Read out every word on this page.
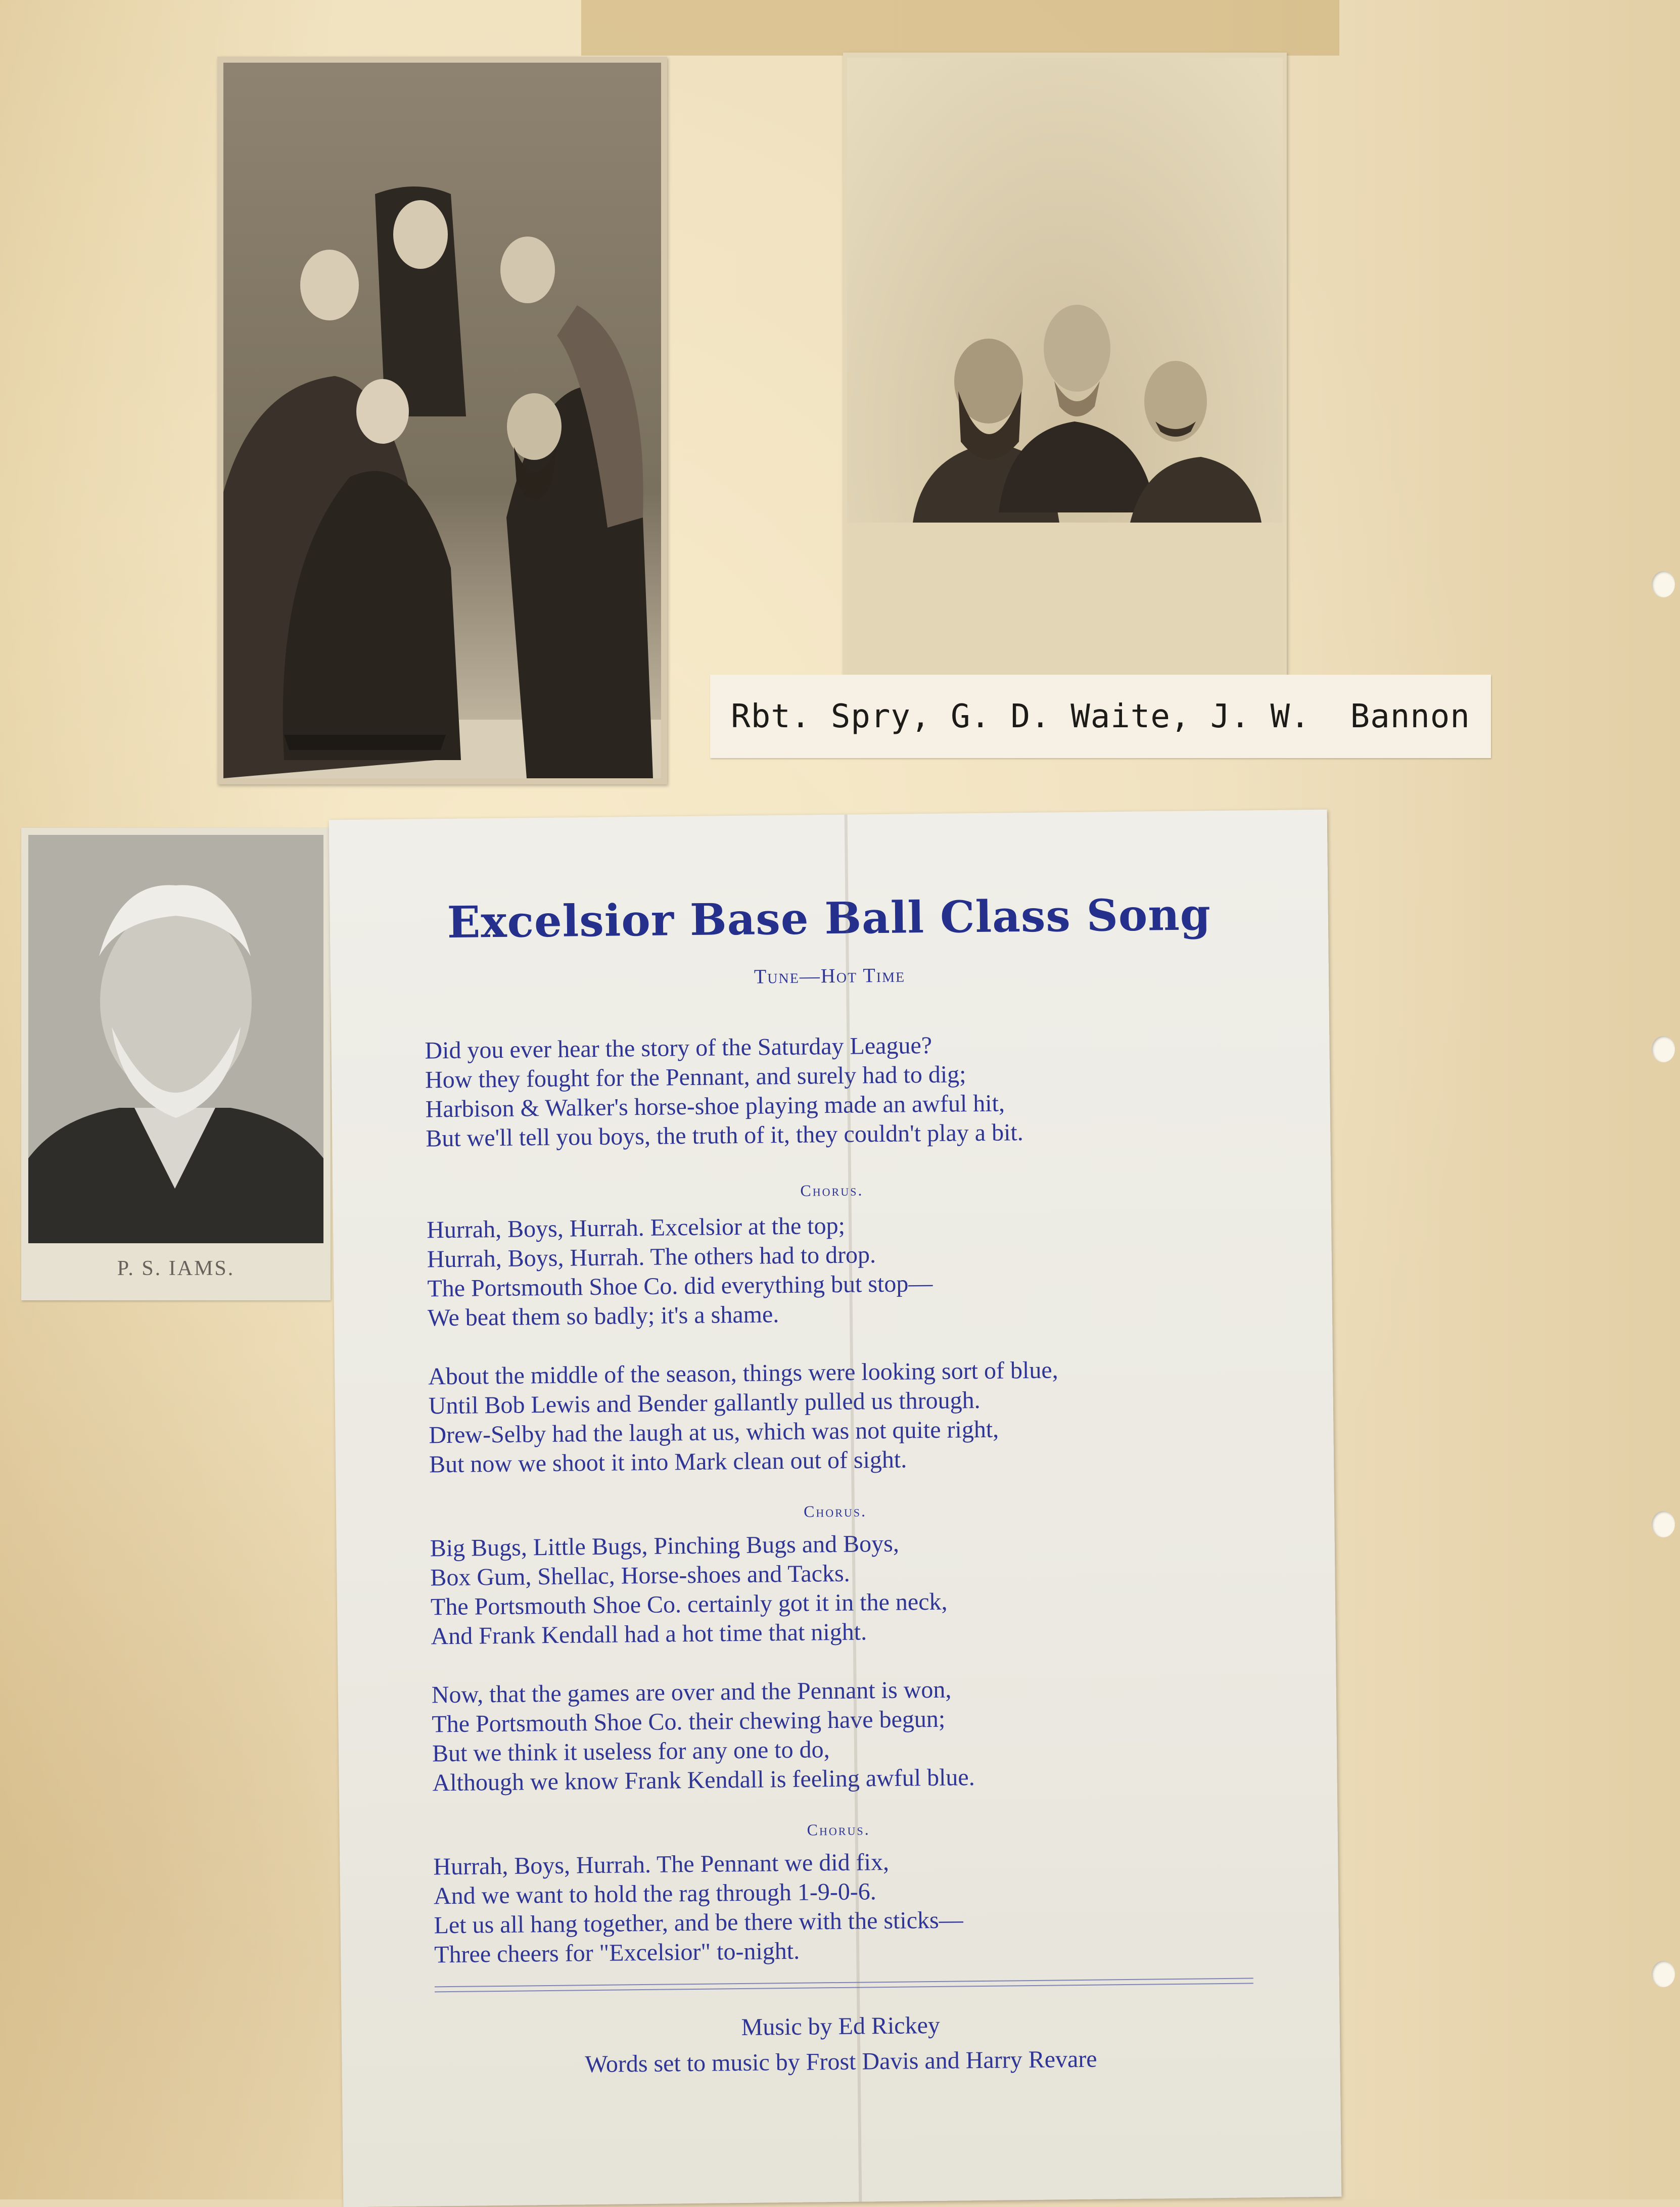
Rbt. Spry, G. D. Waite, J. W.  Bannon
P. S. IAMS.
Excelsior Base Ball Class Song
Tune—Hot Time
Did you ever hear the story of the Saturday League?
How they fought for the Pennant, and surely had to dig;
Harbison & Walker's horse-shoe playing made an awful hit,
But we'll tell you boys, the truth of it, they couldn't play a bit.
Chorus.
Hurrah, Boys, Hurrah. Excelsior at the top;
Hurrah, Boys, Hurrah. The others had to drop.
The Portsmouth Shoe Co. did everything but stop—
We beat them so badly; it's a shame.
About the middle of the season, things were looking sort of blue,
Until Bob Lewis and Bender gallantly pulled us through.
Drew-Selby had the laugh at us, which was not quite right,
But now we shoot it into Mark clean out of sight.
Chorus.
Big Bugs, Little Bugs, Pinching Bugs and Boys,
Box Gum, Shellac, Horse-shoes and Tacks.
The Portsmouth Shoe Co. certainly got it in the neck,
And Frank Kendall had a hot time that night.
Now, that the games are over and the Pennant is won,
The Portsmouth Shoe Co. their chewing have begun;
But we think it useless for any one to do,
Although we know Frank Kendall is feeling awful blue.
Chorus.
Hurrah, Boys, Hurrah. The Pennant we did fix,
And we want to hold the rag through 1-9-0-6.
Let us all hang together, and be there with the sticks—
Three cheers for "Excelsior" to-night.
Music by Ed Rickey
Words set to music by Frost Davis and Harry Revare
